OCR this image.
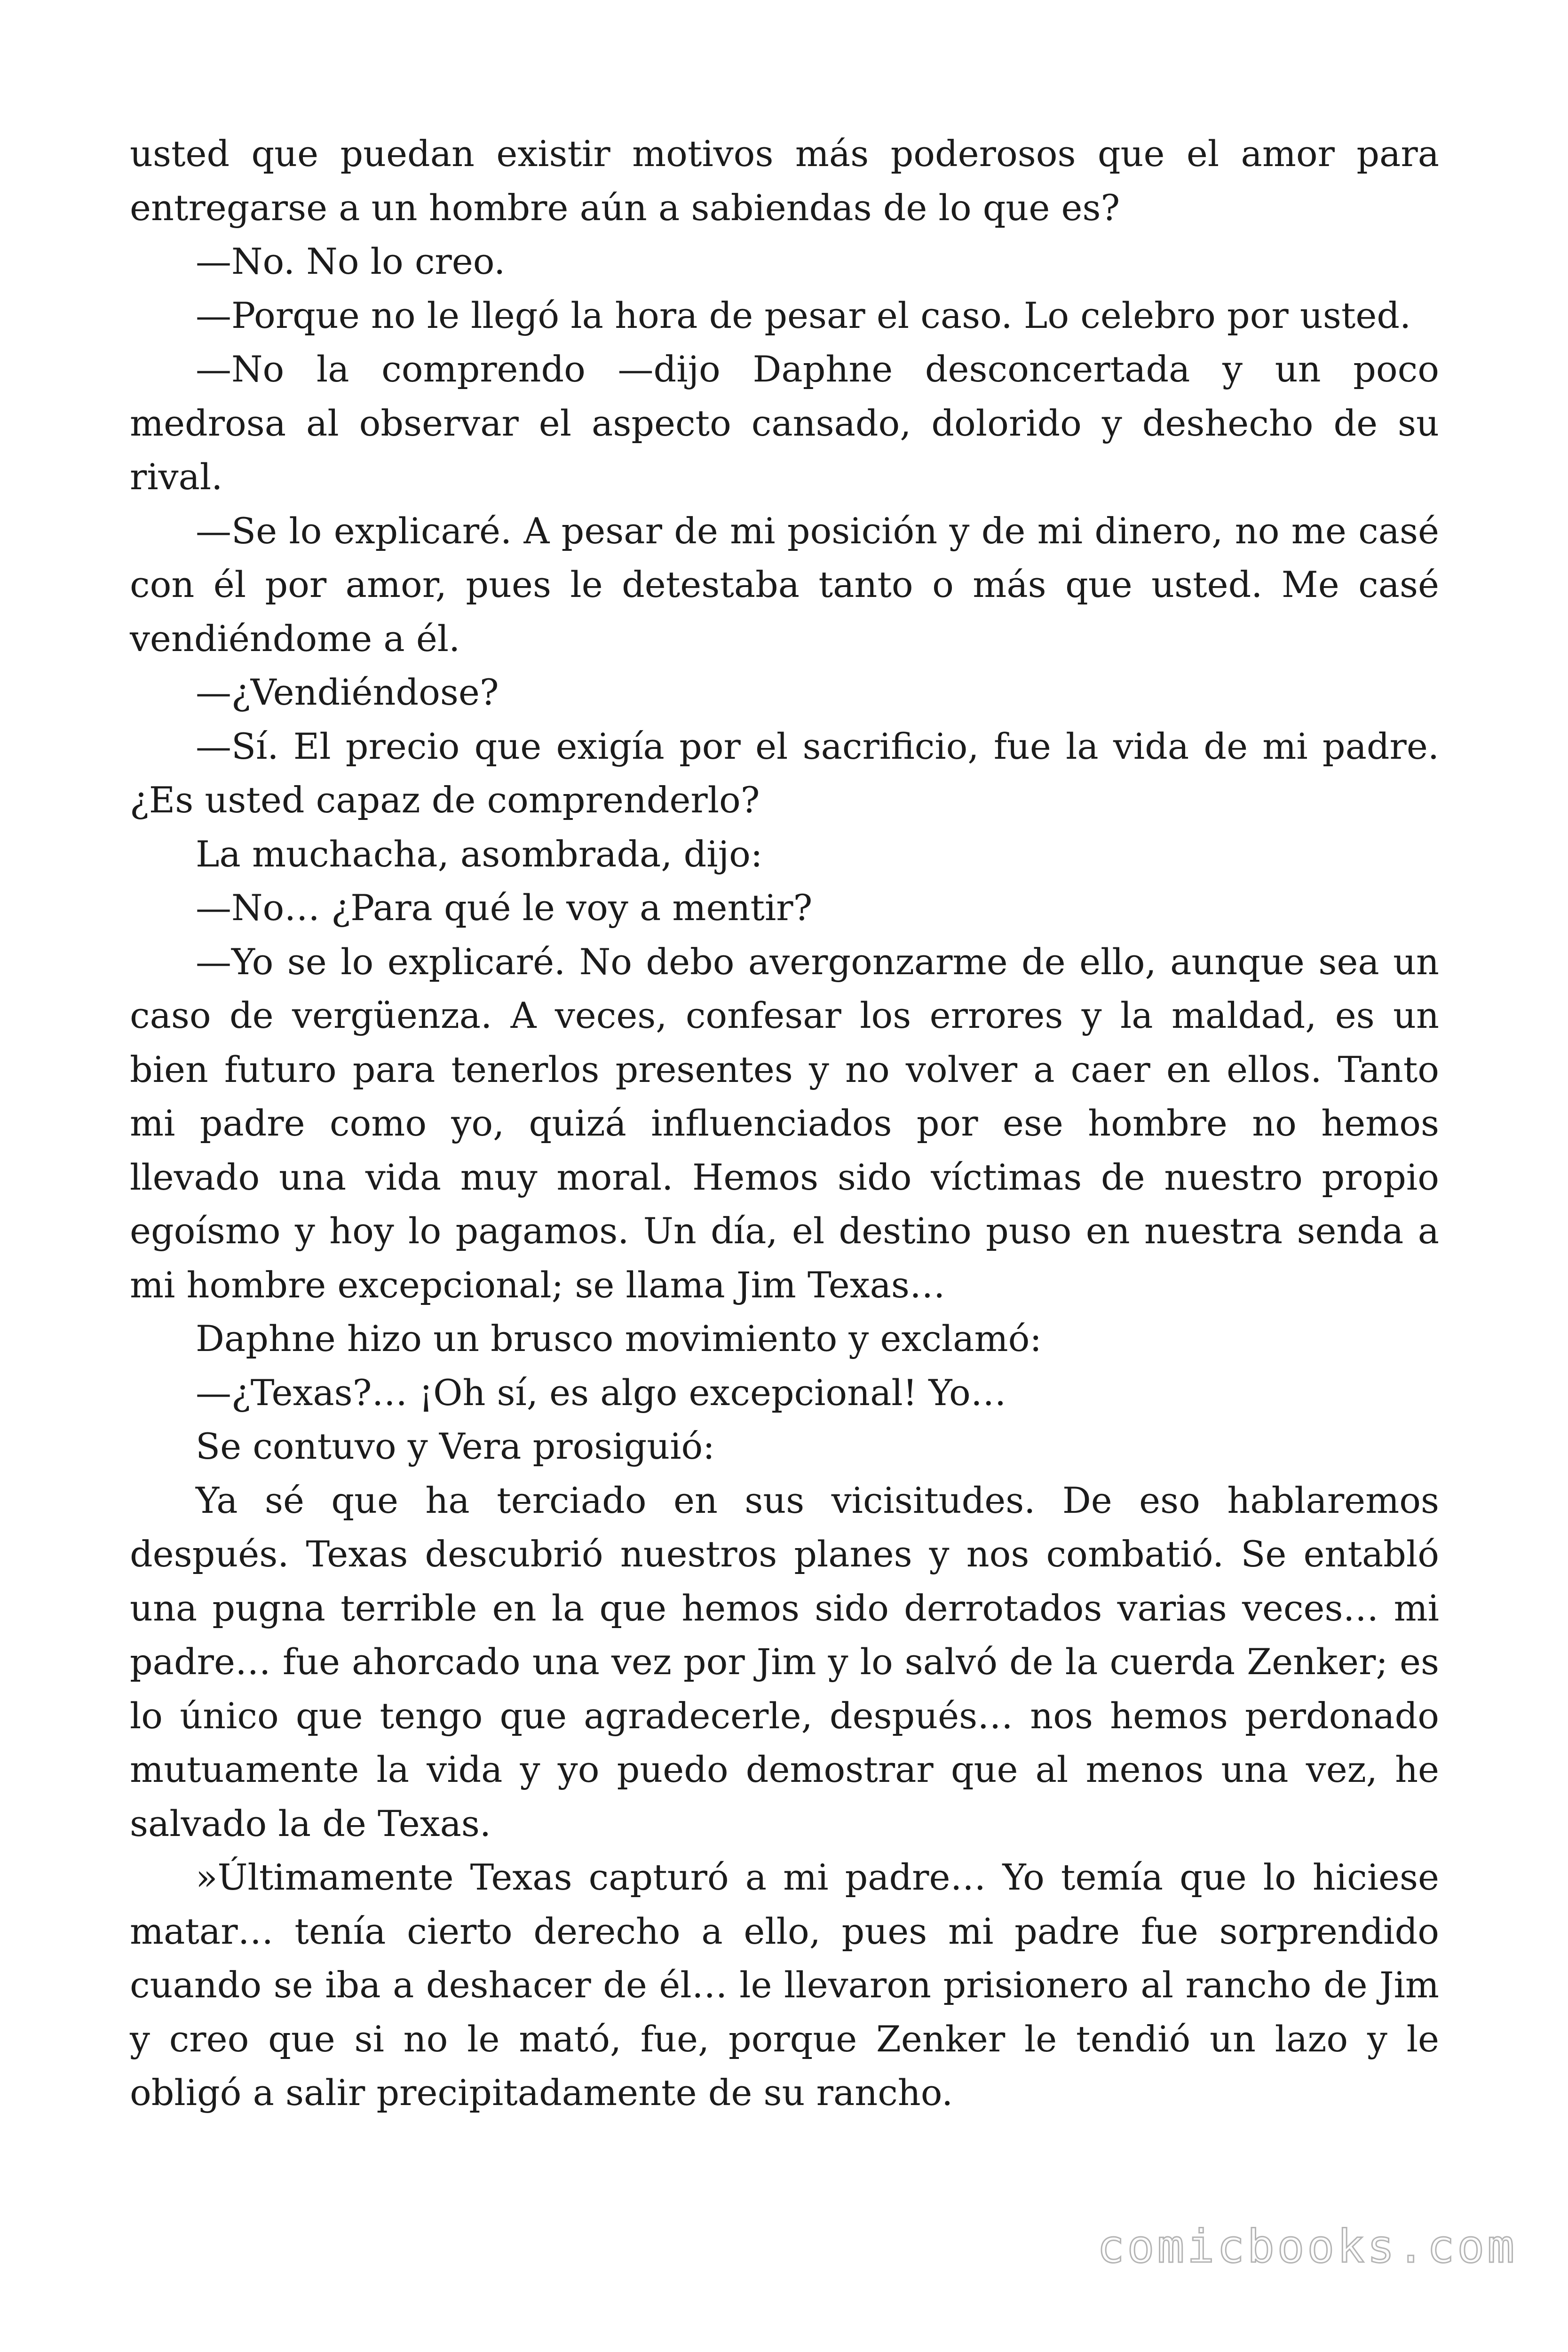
usted que puedan existir motivos más poderosos que el amor para entregarse a un hombre aún a sabiendas de lo que es?

—No. No lo creo.

—Porque no le llegó la hora de pesar el caso. Lo celebro por usted.

—No la comprendo —dijo Daphne desconcertada y un poco medrosa al observar el aspecto cansado, dolorido y deshecho de su rival.

—Se lo explicaré. A pesar de mi posición y de mi dinero, no me casé con él por amor, pues le detestaba tanto o más que usted. Me casé vendiéndome a él.

—¿Vendiéndose?

—Sí. El precio que exigía por el sacrificio, fue la vida de mi padre. ¿Es usted capaz de comprenderlo?

La muchacha, asombrada, dijo:

—No… ¿Para qué le voy a mentir?

—Yo se lo explicaré. No debo avergonzarme de ello, aunque sea un caso de vergüenza. A veces, confesar los errores y la maldad, es un bien futuro para tenerlos presentes y no volver a caer en ellos. Tanto mi padre como yo, quizá influenciados por ese hombre no hemos llevado una vida muy moral. Hemos sido víctimas de nuestro propio egoísmo y hoy lo pagamos. Un día, el destino puso en nuestra senda a mi hombre excepcional; se llama Jim Texas…

Daphne hizo un brusco movimiento y exclamó:

—¿Texas?… ¡Oh sí, es algo excepcional! Yo…

Se contuvo y Vera prosiguió:

Ya sé que ha terciado en sus vicisitudes. De eso hablaremos después. Texas descubrió nuestros planes y nos combatió. Se entabló una pugna terrible en la que hemos sido derrotados varias veces… mi padre… fue ahorcado una vez por Jim y lo salvó de la cuerda Zenker; es lo único que tengo que agradecerle, después… nos hemos perdonado mutuamente la vida y yo puedo demostrar que al menos una vez, he salvado la de Texas.

»Últimamente Texas capturó a mi padre… Yo temía que lo hiciese matar… tenía cierto derecho a ello, pues mi padre fue sorprendido cuando se iba a deshacer de él… le llevaron prisionero al rancho de Jim y creo que si no le mató, fue, porque Zenker le tendió un lazo y le obligó a salir precipitadamente de su rancho.

comicbooks.com
